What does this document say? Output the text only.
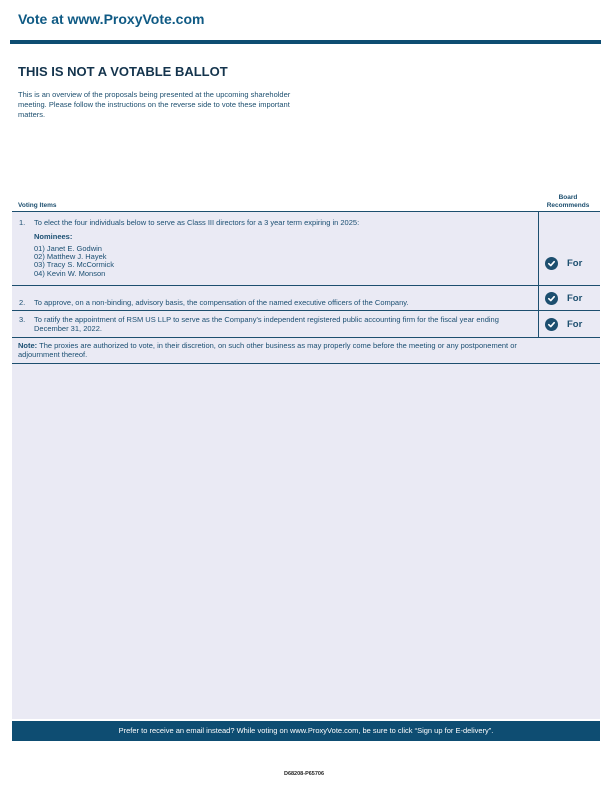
Vote at www.ProxyVote.com
THIS IS NOT A VOTABLE BALLOT
This is an overview of the proposals being presented at the upcoming shareholder meeting. Please follow the instructions on the reverse side to vote these important matters.
Voting Items
Board
Recommends
1. To elect the four individuals below to serve as Class III directors for a 3 year term expiring in 2025:
Nominees:
01) Janet E. Godwin
02) Matthew J. Hayek
03) Tracy S. McCormick
04) Kevin W. Monson
For
2. To approve, on a non-binding, advisory basis, the compensation of the named executive officers of the Company.	For
3. To ratify the appointment of RSM US LLP to serve as the Company's independent registered public accounting firm for the fiscal year ending December 31, 2022.	For
Note: The proxies are authorized to vote, in their discretion, on such other business as may properly come before the meeting or any postponement or adjournment thereof.
Prefer to receive an email instead? While voting on www.ProxyVote.com, be sure to click “Sign up for E-delivery”.
D68208-P65706
